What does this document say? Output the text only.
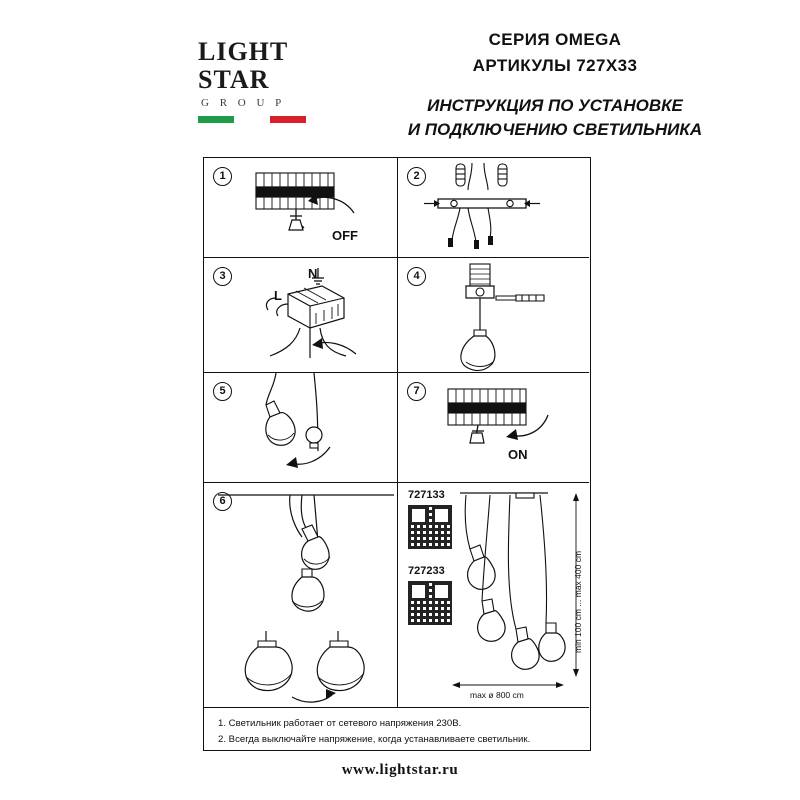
LIGHT
STAR
G R O U P
СЕРИЯ OMEGA
АРТИКУЛЫ 727Х33
ИНСТРУКЦИЯ ПО УСТАНОВКЕ
И ПОДКЛЮЧЕНИЮ СВЕТИЛЬНИКА
1
OFF
2
3	N
L
4
5	7
ON
6	727133
727233	min 100 cm ... max 400 cm
max ø 800 cm
1. Светильник работает от сетевого напряжения 230В.
2. Всегда выключайте напряжение, когда устанавливаете светильник.
www.lightstar.ru
